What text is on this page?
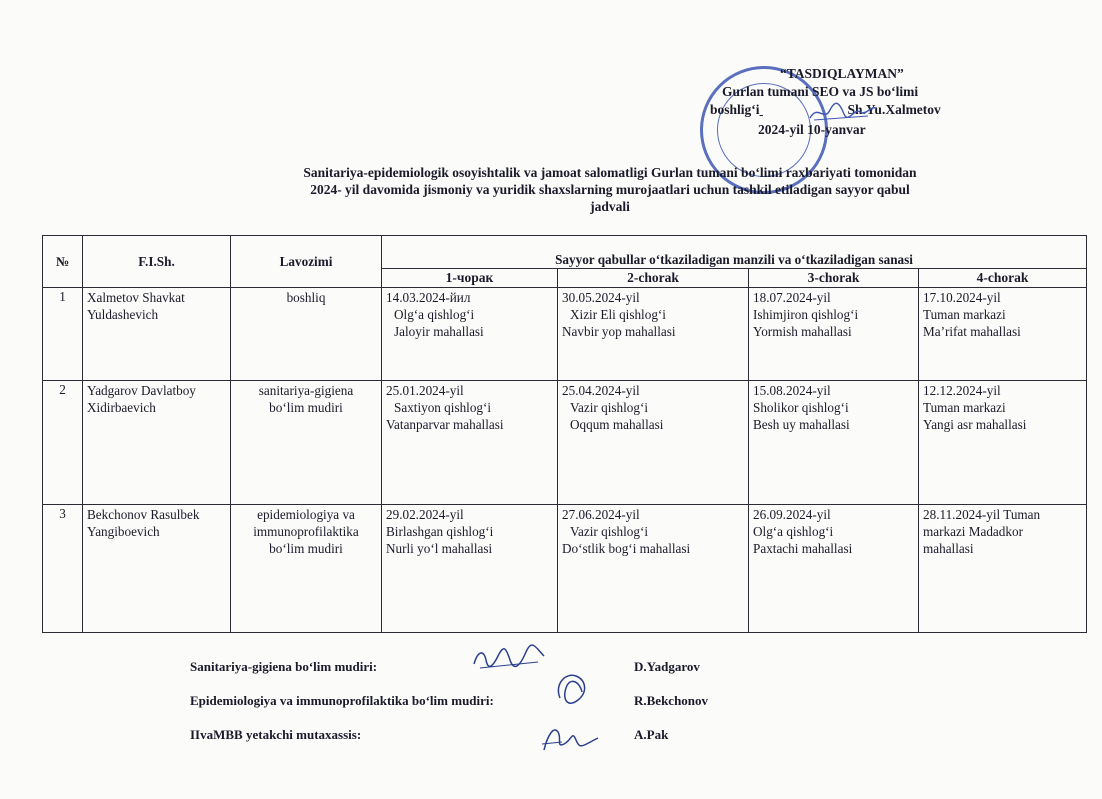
“TASDIQLAYMAN”
Gurlan tumani SEO va JS bo‘limi
boshlig‘i	Sh.Yu.Xalmetov
2024-yil 10-yanvar
Sanitariya-epidemiologik osoyishtalik va jamoat salomatligi Gurlan tumani bo‘limi raxbariyati tomonidan
2024- yil davomida jismoniy va yuridik shaxslarning murojaatlari uchun tashkil etiladigan sayyor qabul
jadvali
№	F.I.Sh.	Lavozimi	Sayyor qabullar o‘tkaziladigan manzili va o‘tkaziladigan sanasi			
			1-чорак	2-chorak	3-chorak	4-chorak
1	Xalmetov Shavkat
Yuldashevich	boshliq	14.03.2024-йил
Olg‘a qishlog‘i
Jaloyir mahallasi	30.05.2024-yil
Xizir Eli qishlog‘i
Navbir yop mahallasi	18.07.2024-yil
Ishimjiron qishlog‘i
Yormish mahallasi	17.10.2024-yil
Tuman markazi
Ma’rifat mahallasi

2	Yadgarov Davlatboy
Xidirbaevich	sanitariya-gigiena
bo‘lim mudiri	25.01.2024-yil
Saxtiyon qishlog‘i
Vatanparvar mahallasi	25.04.2024-yil
Vazir qishlog‘i
Oqqum mahallasi	15.08.2024-yil
Sholikor qishlog‘i
Besh uy mahallasi	12.12.2024-yil
Tuman markazi
Yangi asr mahallasi

3	Bekchonov Rasulbek
Yangiboevich	epidemiologiya va
immunoprofilaktika
bo‘lim mudiri	29.02.2024-yil
Birlashgan qishlog‘i
Nurli yo‘l mahallasi	27.06.2024-yil
Vazir qishlog‘i
Do‘stlik bog‘i mahallasi	26.09.2024-yil
Olg‘a qishlog‘i
Paxtachi mahallasi	28.11.2024-yil Tuman
markazi Madadkor
mahallasi
Sanitariya-gigiena bo‘lim mudiri:	D.Yadgarov
Epidemiologiya va immunoprofilaktika bo‘lim mudiri:	R.Bekchonov
IIvaMBB yetakchi mutaxassis:	A.Pak
